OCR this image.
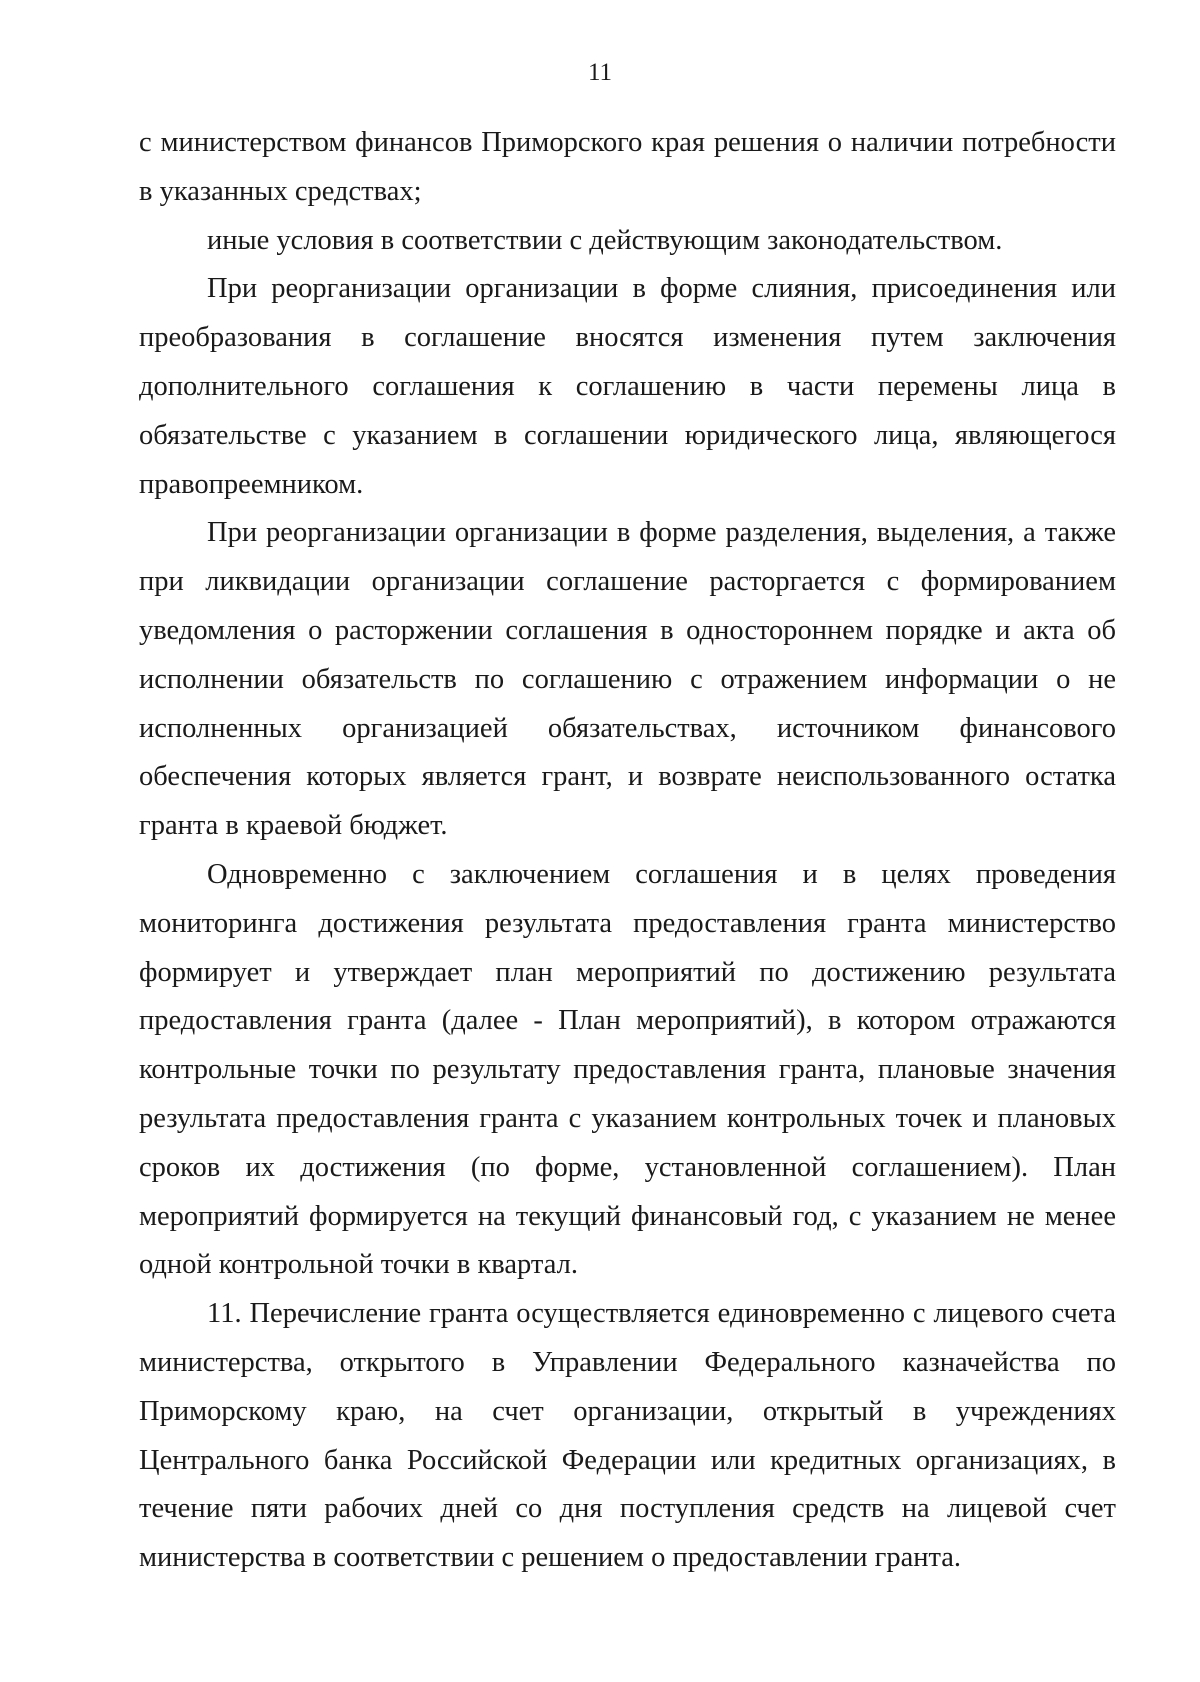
11

с министерством финансов Приморского края решения о наличии потребности в указанных средствах;

иные условия в соответствии с действующим законодательством.

При реорганизации организации в форме слияния, присоединения или преобразования в соглашение вносятся изменения путем заключения дополнительного соглашения к соглашению в части перемены лица в обязательстве с указанием в соглашении юридического лица, являющегося правопреемником.

При реорганизации организации в форме разделения, выделения, а также при ликвидации организации соглашение расторгается с формированием уведомления о расторжении соглашения в одностороннем порядке и акта об исполнении обязательств по соглашению с отражением информации о не исполненных организацией обязательствах, источником финансового обеспечения которых является грант, и возврате неиспользованного остатка гранта в краевой бюджет.

Одновременно с заключением соглашения и в целях проведения мониторинга достижения результата предоставления гранта министерство формирует и утверждает план мероприятий по достижению результата предоставления гранта (далее - План мероприятий), в котором отражаются контрольные точки по результату предоставления гранта, плановые значения результата предоставления гранта с указанием контрольных точек и плановых сроков их достижения (по форме, установленной соглашением). План мероприятий формируется на текущий финансовый год, с указанием не менее одной контрольной точки в квартал.

11. Перечисление гранта осуществляется единовременно с лицевого счета министерства, открытого в Управлении Федерального казначейства по Приморскому краю, на счет организации, открытый в учреждениях Центрального банка Российской Федерации или кредитных организациях, в течение пяти рабочих дней со дня поступления средств на лицевой счет министерства в соответствии с решением о предоставлении гранта.
